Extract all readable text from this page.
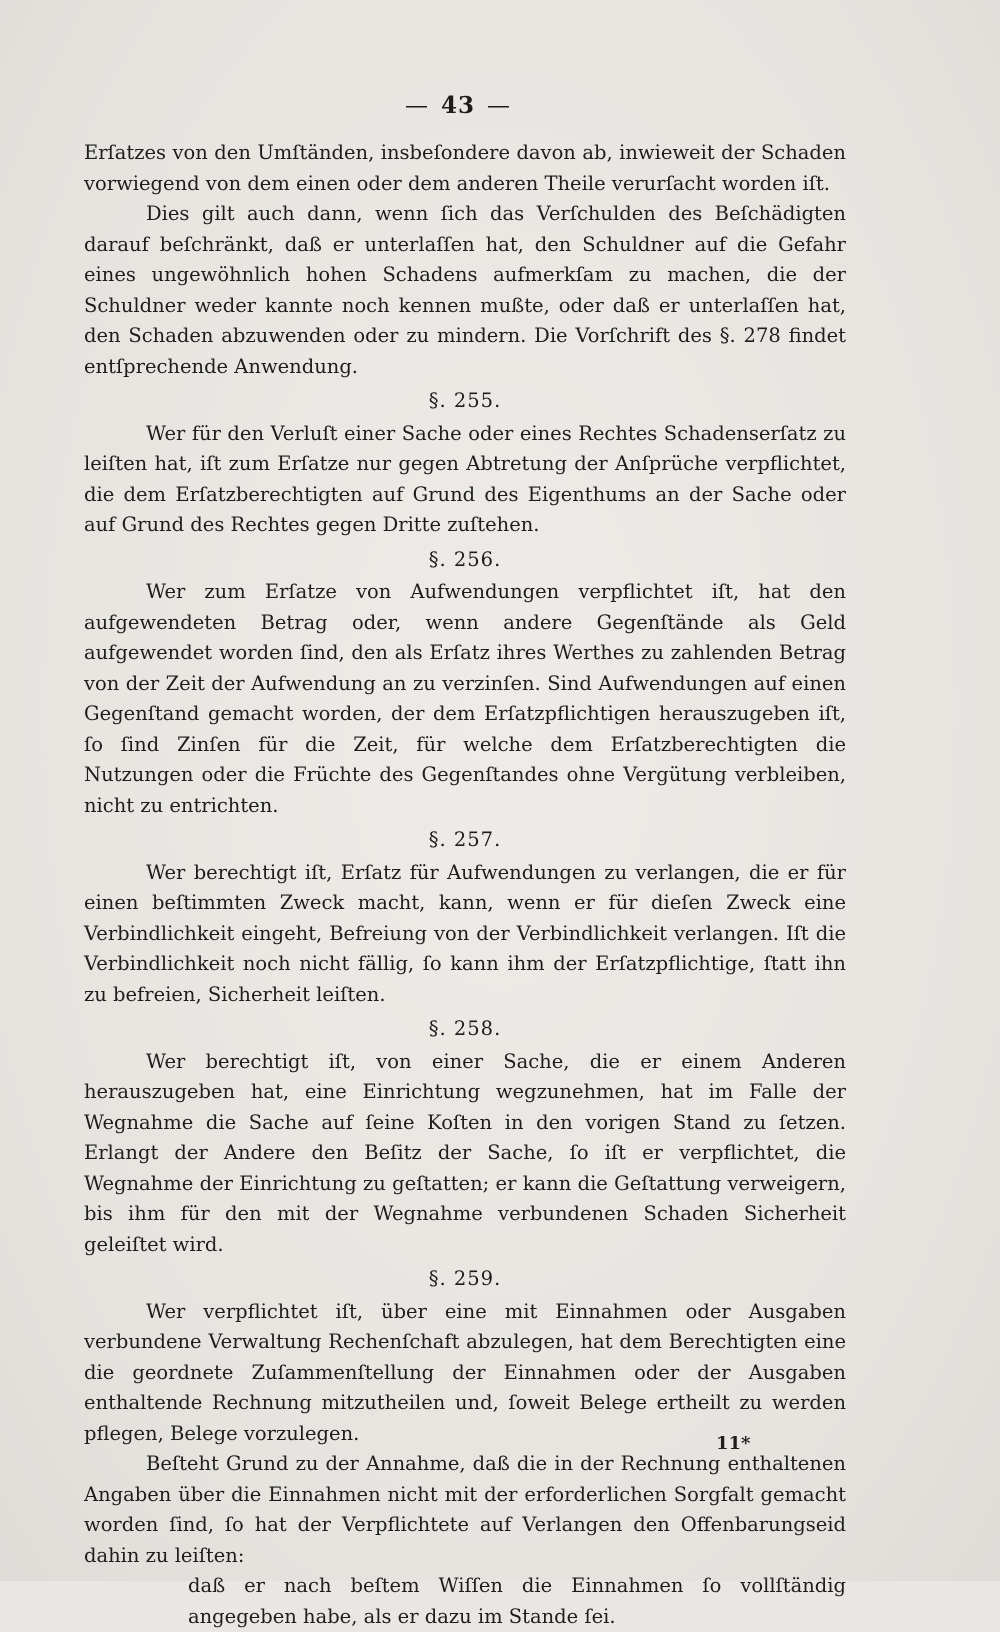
— 43 —

Erſatzes von den Umſtänden, insbeſondere davon ab, inwieweit der Schaden vorwiegend von dem einen oder dem anderen Theile verurſacht worden iſt.

Dies gilt auch dann, wenn ſich das Verſchulden des Beſchädigten darauf beſchränkt, daß er unterlaſſen hat, den Schuldner auf die Gefahr eines ungewöhnlich hohen Schadens aufmerkſam zu machen, die der Schuldner weder kannte noch kennen mußte, oder daß er unterlaſſen hat, den Schaden abzuwenden oder zu mindern. Die Vorſchrift des §. 278 findet entſprechende Anwendung.

§. 255.

Wer für den Verluſt einer Sache oder eines Rechtes Schadenserſatz zu leiſten hat, iſt zum Erſatze nur gegen Abtretung der Anſprüche verpflichtet, die dem Erſatzberechtigten auf Grund des Eigenthums an der Sache oder auf Grund des Rechtes gegen Dritte zuſtehen.

§. 256.

Wer zum Erſatze von Aufwendungen verpflichtet iſt, hat den aufgewendeten Betrag oder, wenn andere Gegenſtände als Geld aufgewendet worden ſind, den als Erſatz ihres Werthes zu zahlenden Betrag von der Zeit der Aufwendung an zu verzinſen. Sind Aufwendungen auf einen Gegenſtand gemacht worden, der dem Erſatzpflichtigen herauszugeben iſt, ſo ſind Zinſen für die Zeit, für welche dem Erſatzberechtigten die Nutzungen oder die Früchte des Gegenſtandes ohne Vergütung verbleiben, nicht zu entrichten.

§. 257.

Wer berechtigt iſt, Erſatz für Aufwendungen zu verlangen, die er für einen beſtimmten Zweck macht, kann, wenn er für dieſen Zweck eine Verbindlichkeit eingeht, Befreiung von der Verbindlichkeit verlangen. Iſt die Verbindlichkeit noch nicht fällig, ſo kann ihm der Erſatzpflichtige, ſtatt ihn zu befreien, Sicherheit leiſten.

§. 258.

Wer berechtigt iſt, von einer Sache, die er einem Anderen herauszugeben hat, eine Einrichtung wegzunehmen, hat im Falle der Wegnahme die Sache auf ſeine Koſten in den vorigen Stand zu ſetzen. Erlangt der Andere den Beſitz der Sache, ſo iſt er verpflichtet, die Wegnahme der Einrichtung zu geſtatten; er kann die Geſtattung verweigern, bis ihm für den mit der Wegnahme verbundenen Schaden Sicherheit geleiſtet wird.

§. 259.

Wer verpflichtet iſt, über eine mit Einnahmen oder Ausgaben verbundene Verwaltung Rechenſchaft abzulegen, hat dem Berechtigten eine die geordnete Zuſammenſtellung der Einnahmen oder der Ausgaben enthaltende Rechnung mitzutheilen und, ſoweit Belege ertheilt zu werden pflegen, Belege vorzulegen.

Beſteht Grund zu der Annahme, daß die in der Rechnung enthaltenen Angaben über die Einnahmen nicht mit der erforderlichen Sorgfalt gemacht worden ſind, ſo hat der Verpflichtete auf Verlangen den Offenbarungseid dahin zu leiſten:

daß er nach beſtem Wiſſen die Einnahmen ſo vollſtändig angegeben habe, als er dazu im Stande ſei.

11*
